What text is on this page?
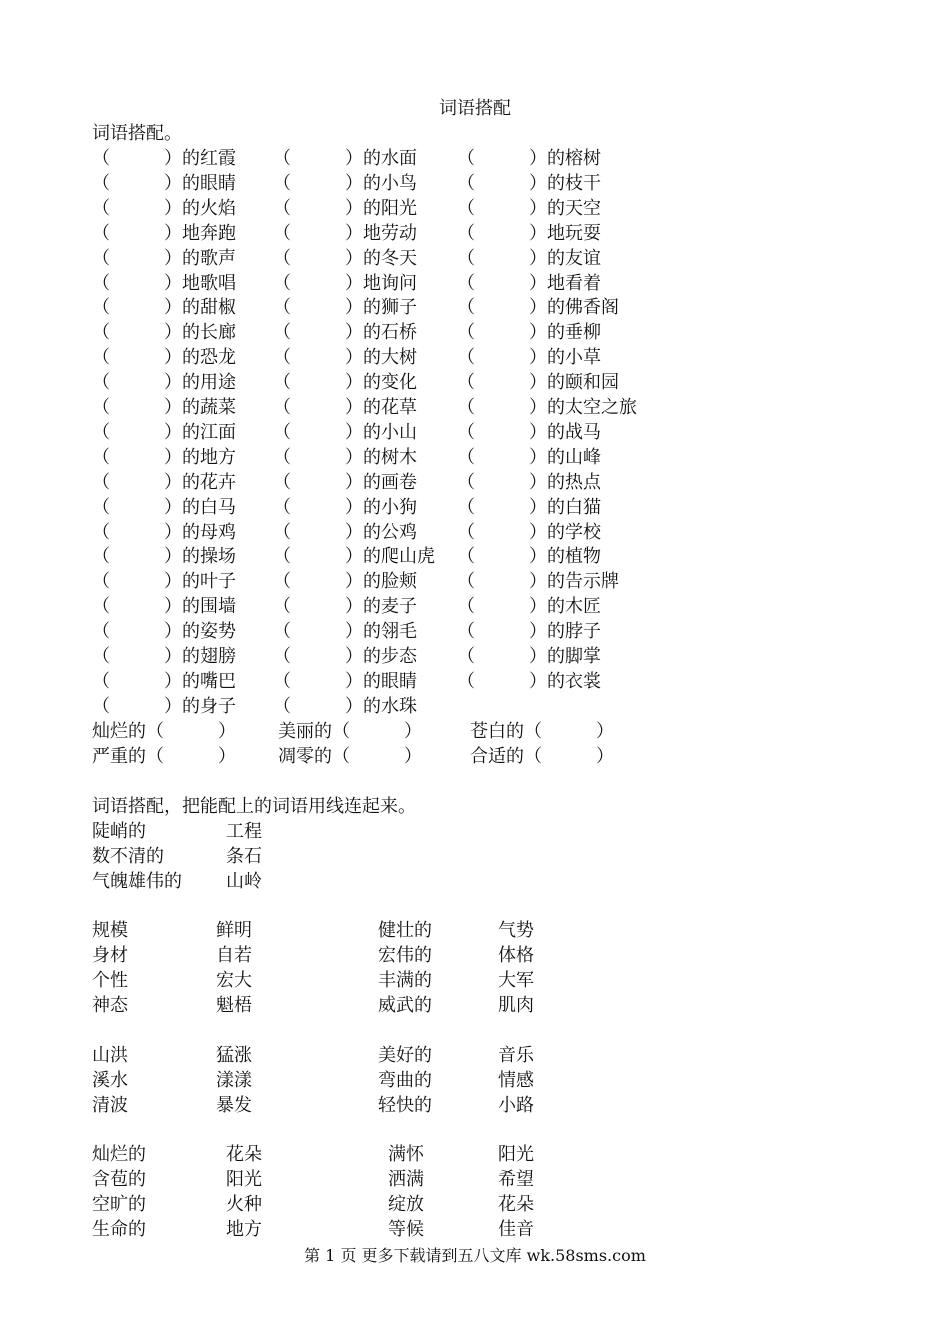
词语搭配
词语搭配。
（　　　）的红霞 （　　　）的水面 （　　　）的榕树
（　　　）的眼睛 （　　　）的小鸟 （　　　）的枝干
（　　　）的火焰 （　　　）的阳光 （　　　）的天空
（　　　）地奔跑 （　　　）地劳动 （　　　）地玩耍
（　　　）的歌声 （　　　）的冬天 （　　　）的友谊
（　　　）地歌唱 （　　　）地询问 （　　　）地看着
（　　　）的甜椒 （　　　）的狮子 （　　　）的佛香阁
（　　　）的长廊 （　　　）的石桥 （　　　）的垂柳
（　　　）的恐龙 （　　　）的大树 （　　　）的小草
（　　　）的用途 （　　　）的变化 （　　　）的颐和园
（　　　）的蔬菜 （　　　）的花草 （　　　）的太空之旅
（　　　）的江面 （　　　）的小山 （　　　）的战马
（　　　）的地方 （　　　）的树木 （　　　）的山峰
（　　　）的花卉 （　　　）的画卷 （　　　）的热点
（　　　）的白马 （　　　）的小狗 （　　　）的白猫
（　　　）的母鸡 （　　　）的公鸡 （　　　）的学校
（　　　）的操场 （　　　）的爬山虎 （　　　）的植物
（　　　）的叶子 （　　　）的脸颊 （　　　）的告示牌
（　　　）的围墙 （　　　）的麦子 （　　　）的木匠
（　　　）的姿势 （　　　）的翎毛 （　　　）的脖子
（　　　）的翅膀 （　　　）的步态 （　　　）的脚掌
（　　　）的嘴巴 （　　　）的眼睛 （　　　）的衣裳
（　　　）的身子 （　　　）的水珠
灿烂的（　　　） 美丽的（　　　）	苍白的（　　　）
严重的（　　　） 凋零的（　　　）	合适的（　　　）
词语搭配，把能配上的词语用线连起来。
陡峭的	工程
数不清的	条石
气魄雄伟的 山岭
规模	鲜明	健壮的	气势
身材	自若	宏伟的	体格
个性	宏大	丰满的	大军
神态	魁梧	威武的	肌肉
山洪	猛涨	美好的	音乐
溪水	漾漾	弯曲的	情感
清波	暴发	轻快的	小路
灿烂的	花朵	满怀	阳光
含苞的	阳光	洒满	希望
空旷的	火种	绽放	花朵
生命的	地方	等候	佳音
第 1 页 更多下载请到五八文库 wk.58sms.com
